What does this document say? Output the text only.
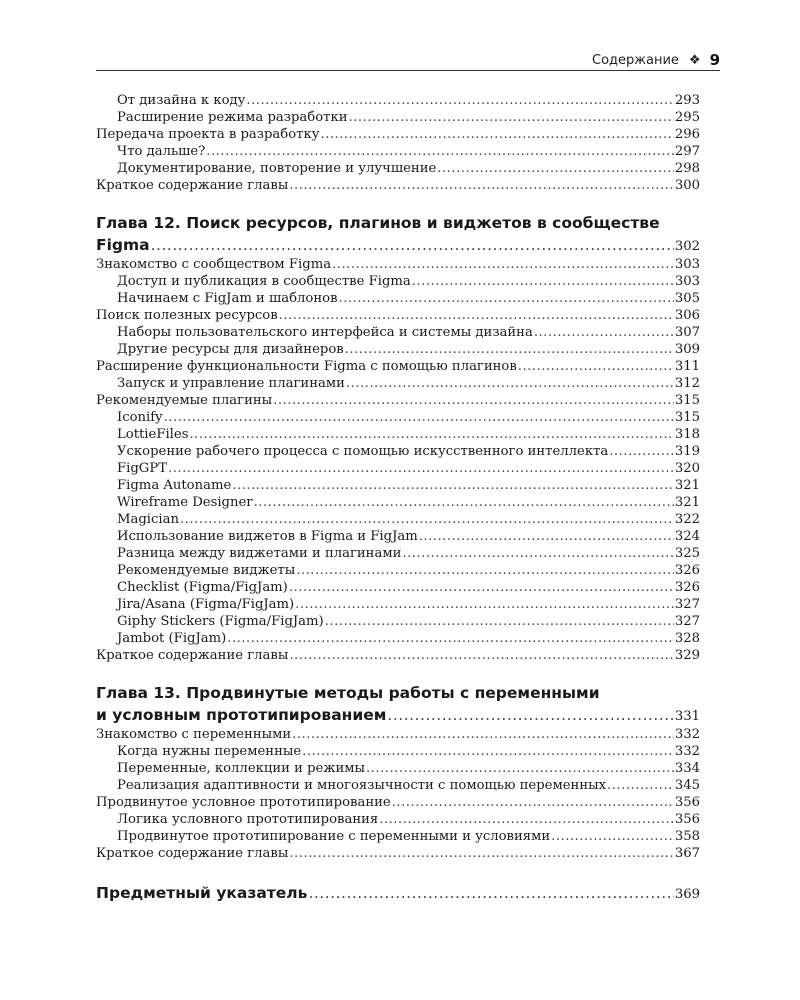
Содержание ❖ 9
От дизайна к коду .....	293
Расширение режима разработки .....	295
Передача проекта в разработку .....	296
Что дальше? .....	297
Документирование, повторение и улучшение .....	298
Краткое содержание главы .....	300
Глава 12. Поиск ресурсов, плагинов и виджетов в сообществе
Figma .....	302
Знакомство с сообществом Figma .....	303
Доступ и публикация в сообществе Figma .....	303
Начинаем с FigJam и шаблонов .....	305
Поиск полезных ресурсов .....	306
Наборы пользовательского интерфейса и системы дизайна .....	307
Другие ресурсы для дизайнеров .....	309
Расширение функциональности Figma с помощью плагинов .....	311
Запуск и управление плагинами .....	312
Рекомендуемые плагины .....	315
Iconify .....	315
LottieFiles .....	318
Ускорение рабочего процесса с помощью искусственного интеллекта .....	319
FigGPT .....	320
Figma Autoname .....	321
Wireframe Designer .....	321
Magician .....	322
Использование виджетов в Figma и FigJam .....	324
Разница между виджетами и плагинами .....	325
Рекомендуемые виджеты .....	326
Checklist (Figma/FigJam) .....	326
Jira/Asana (Figma/FigJam) .....	327
Giphy Stickers (Figma/FigJam) .....	327
Jambot (FigJam) .....	328
Краткое содержание главы .....	329
Глава 13. Продвинутые методы работы с переменными
и условным прототипированием .....	331
Знакомство с переменными .....	332
Когда нужны переменные .....	332
Переменные, коллекции и режимы .....	334
Реализация адаптивности и многоязычности с помощью переменных .....	345
Продвинутое условное прототипирование .....	356
Логика условного прототипирования .....	356
Продвинутое прототипирование с переменными и условиями .....	358
Краткое содержание главы .....	367
Предметный указатель .....	369
